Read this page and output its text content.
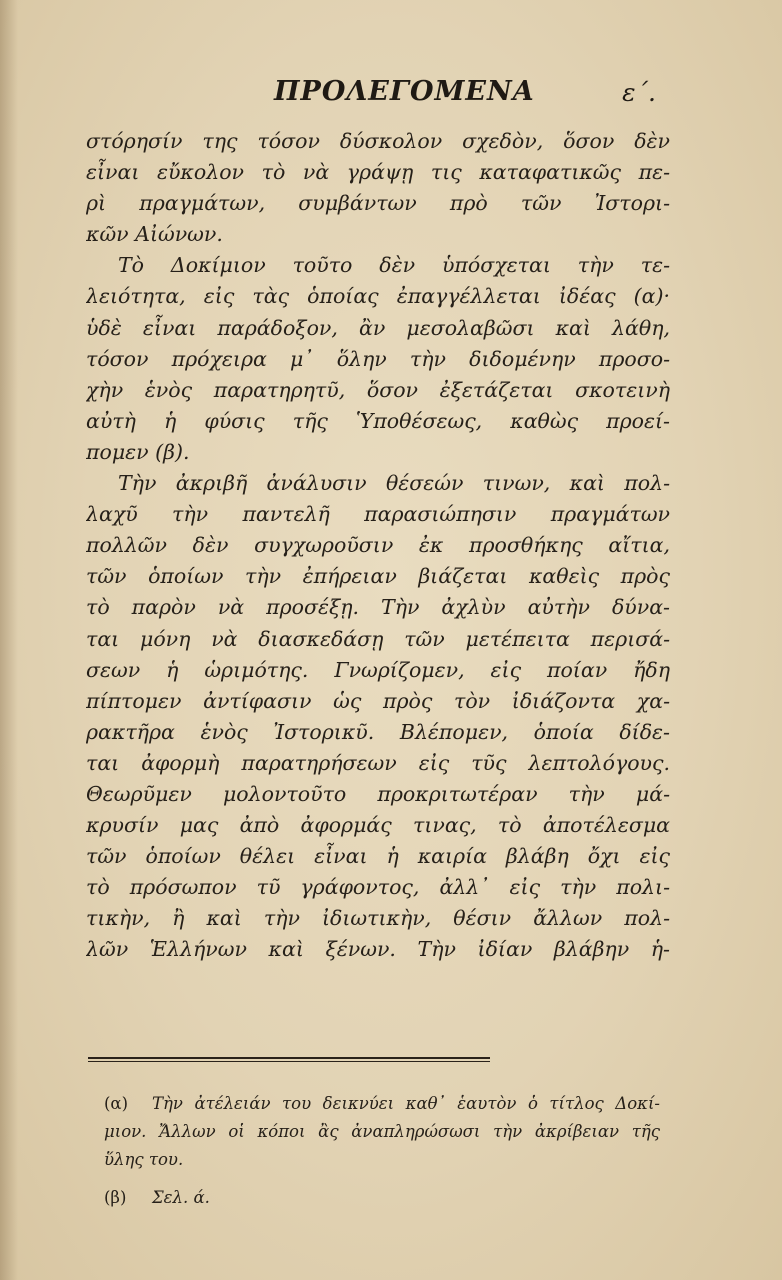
ΠΡΟΛΕΓΟΜΕΝΑ	ε΄.
στόρησίν της τόσον δύσκολον σχεδὸν, ὅσον δὲν
εἶναι εὔκολον τὸ νὰ γράψῃ τις καταφατικῶς πε-
ρὶ πραγμάτων, συμβάντων πρὸ τῶν Ἰστορι-
κῶν Αἰώνων.
Τὸ Δοκίμιον τοῦτο δὲν ὑπόσχεται τὴν τε-
λειότητα, εἰς τὰς ὁποίας ἐπαγγέλλεται ἰδέας (α)·
ὑδὲ εἶναι παράδοξον, ἂν μεσολαβῶσι καὶ λάθη,
τόσον πρόχειρα μ᾽ ὅλην τὴν διδομένην προσο-
χὴν ἑνὸς παρατηρητῦ, ὅσον ἐξετάζεται σκοτεινὴ
αὐτὴ ἡ φύσις τῆς Ὑποθέσεως, καθὼς προεί-
πομεν (β).
Τὴν ἀκριβῆ ἀνάλυσιν θέσεών τινων, καὶ πολ-
λαχῦ τὴν παντελῆ παρασιώπησιν πραγμάτων
πολλῶν δὲν συγχωροῦσιν ἐκ προσθήκης αἴτια,
τῶν ὁποίων τὴν ἐπήρειαν βιάζεται καθεὶς πρὸς
τὸ παρὸν νὰ προσέξῃ. Τὴν ἀχλὺν αὐτὴν δύνα-
ται μόνη νὰ διασκεδάσῃ τῶν μετέπειτα περισά-
σεων ἡ ὡριμότης. Γνωρίζομεν, εἰς ποίαν ἤδη
πίπτομεν ἀντίφασιν ὡς πρὸς τὸν ἰδιάζοντα χα-
ρακτῆρα ἑνὸς Ἰστορικῦ. Βλέπομεν, ὁποία δίδε-
ται ἀφορμὴ παρατηρήσεων εἰς τῦς λεπτολόγους.
Θεωρῦμεν μολοντοῦτο προκριτωτέραν τὴν μά-
κρυσίν μας ἀπὸ ἀφορμάς τινας, τὸ ἀποτέλεσμα
τῶν ὁποίων θέλει εἶναι ἡ καιρία βλάβη ὄχι εἰς
τὸ πρόσωπον τῦ γράφοντος, ἀλλ᾽ εἰς τὴν πολι-
τικὴν, ἢ καὶ τὴν ἰδιωτικὴν, θέσιν ἄλλων πολ-
λῶν Ἑλλήνων καὶ ξένων. Τὴν ἰδίαν βλάβην ἡ-
(α) Τὴν ἀτέλειάν του δεικνύει καθ᾽ ἑαυτὸν ὁ τίτλος Δοκί-
μιον. Ἄλλων οἱ κόποι ἂς ἀναπληρώσωσι τὴν ἀκρίβειαν τῆς
ὕλης του.
(β) Σελ. ά.
